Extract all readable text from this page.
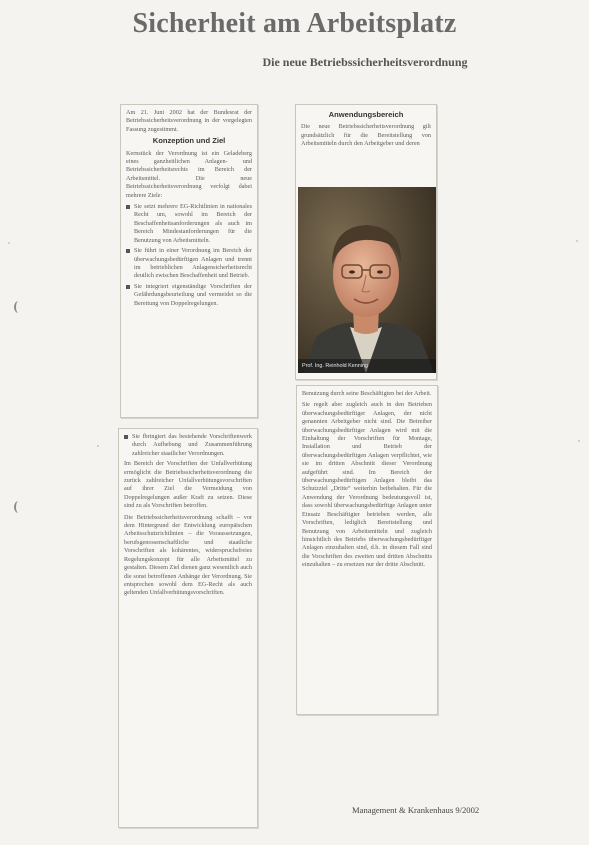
Sicherheit am Arbeitsplatz
Die neue Betriebssicherheitsverordnung

Am 21. Juni 2002 hat der Bundesrat der Betriebssicherheitsverordnung in der vorgelegten Fassung zugestimmt.

Konzeption und Ziel

Kernstück der Verordnung ist ein Geladeberg eines ganzheitlichen Anlagen- und Betriebssicherheitsrechts im Bereich der Arbeitsmittel. Die neue Betriebssicherheitsverordnung verfolgt dabei mehrere Ziele:

Sie setzt mehrere EG-Richtlinien in nationales Recht um, sowohl im Bereich der Beschaffenheitsanforderungen als auch im Bereich Mindestanforderungen für die Benutzung von Arbeitsmitteln.
Sie führt in einer Verordnung im Bereich der überwachungsbedürftigen Anlagen und trennt im betrieblichen Anlagensicherheitsrecht deutlich zwischen Beschaffenheit und Betrieb.
Sie integriert eigenständige Vorschriften der Gefährdungsbeurteilung und vermeidet so die Bereitung von Doppelregelungen.
Sie fbringiert das bestehende Vorschriftenwerk durch Aufhebung und Zusammenführung zahlreicher staatlicher Verordnungen.

Im Bereich der Vorschriften der Unfallverhütung ermöglicht die Betriebssicherheitsverordnung die zurück zahlreicher Unfallverhütungsvorschriften auf ihrer Ziel die Vermeidung von Doppelregelungen außer Kraft zu setzen. Diese sind zu als Vorschriften betroffen.

Die Betriebssicherheitsverordnung schafft – vor dem Hintergrund der Entwicklung europäischen Arbeitsschutzrichtlinien – die Voraussetzungen, berufsgenossenschaftliche und staatliche Vorschriften als kohärentes, widerspruchsfreies Regelungskonzept für alle Arbeitsmittel zu gestalten. Diesem Ziel dienen ganz wesentlich auch die sonst betroffenen Anhänge der Verordnung. Sie entsprechen sowohl dem EG-Recht als auch geltenden Unfallverhütungsvorschriften.

Anwendungsbereich

Die neue Betriebssicherheitsverordnung gilt grundsätzlich für die Bereitstellung von Arbeitsmitteln durch den Arbeitgeber und deren

Prof. Ing. Reinhold Kenning

Benutzung durch seine Beschäftigten bei der Arbeit.

Sie regelt aber zugleich auch in den Betrieben überwachungsbedürftiger Anlagen, der nicht genannten Arbeitgeber nicht sind. Die Betreiber überwachungsbedürftiger Anlagen wird mit die Einhaltung der Vorschriften für Montage, Installation und Betrieb der überwachungsbedürftigen Anlagen verpflichtet, wie sie im dritten Abschnitt dieser Verordnung aufgeführt sind. Im Bereich der überwachungsbedürftigen Anlagen bleibt das Schutzziel „Dritte“ weiterhin beibehalten. Für die Anwendung der Verordnung bedeutungsvoll ist, dass sowohl überwachungsbedürftige Anlagen unter Einsatz Beschäftigter betrieben werden, alle Vorschriften, lediglich Bereitstellung und Benutzung von Arbeitsmitteln und zugleich hinsichtlich des Betriebs überwachungsbedürftiger Anlagen einzuhalten sind, d.h. in diesem Fall sind die Vorschriften des zweiten und dritten Abschnitts einzuhalten – zu ersetzen nur der dritte Abschnitt.

Management & Krankenhaus 9/2002
